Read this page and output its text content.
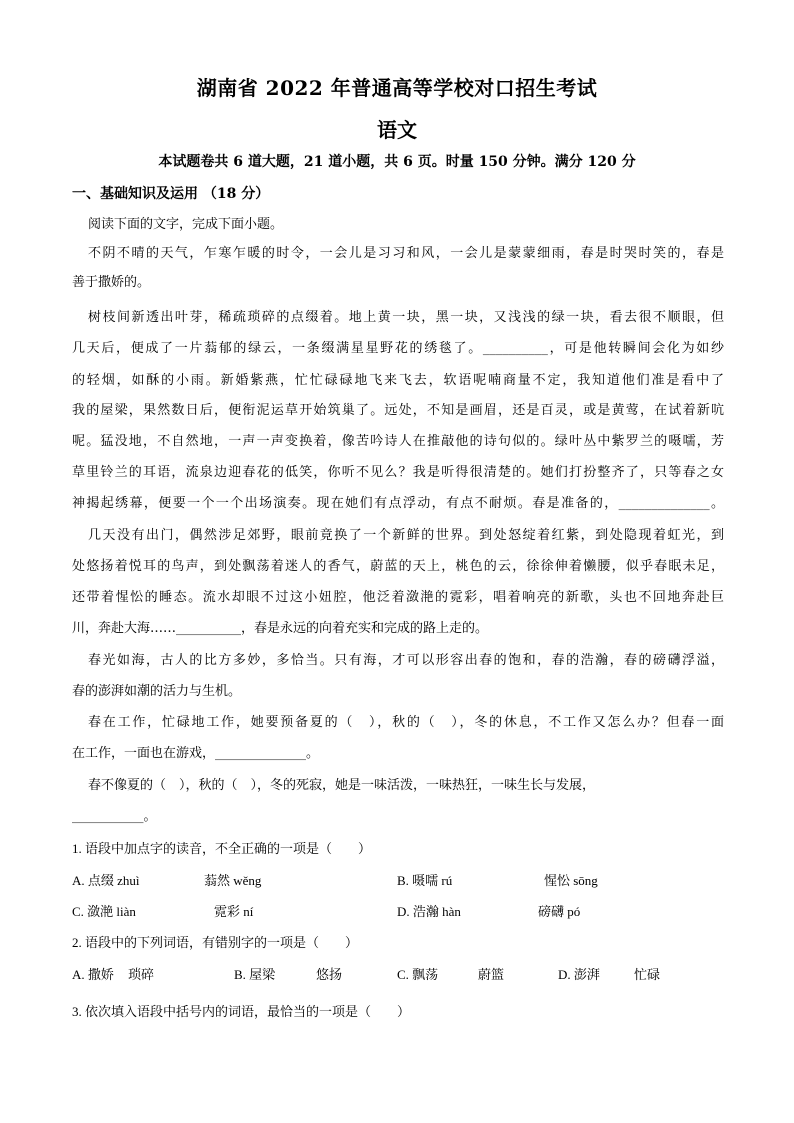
湖南省 2022 年普通高等学校对口招生考试
语文
本试题卷共 6 道大题，21 道小题，共 6 页。时量 150 分钟。满分 120 分
一、基础知识及运用 （18 分）
阅读下面的文字，完成下面小题。
不阴不晴的天气，乍寒乍暖的时令，一会儿是习习和风，一会儿是蒙蒙细雨，春是时哭时笑的，春是
善于撒娇的。
树枝间新透出叶芽，稀疏琐碎的点缀着。地上黄一块，黑一块，又浅浅的绿一块，看去很不顺眼，但
几天后，便成了一片蓊郁的绿云，一条缀满星星野花的绣毯了。__________，可是他转瞬间会化为如纱
的轻烟，如酥的小雨。新婚紫燕，忙忙碌碌地飞来飞去，软语呢喃商量不定，我知道他们准是看中了
我的屋梁，果然数日后，便衔泥运草开始筑巢了。远处，不知是画眉，还是百灵，或是黄莺，在试着新吭
呢。猛没地，不自然地，一声一声变换着，像苦吟诗人在推敲他的诗句似的。绿叶丛中紫罗兰的嗫嚅，芳
草里铃兰的耳语，流泉边迎春花的低笑，你听不见么？我是听得很清楚的。她们打扮整齐了，只等春之女
神揭起绣幕，便要一个一个出场演奏。现在她们有点浮动，有点不耐烦。春是准备的，______________。
几天没有出门，偶然涉足郊野，眼前竟换了一个新鲜的世界。到处怒绽着红紫，到处隐现着虹光，到
处悠扬着悦耳的鸟声，到处飘荡着迷人的香气，蔚蓝的天上，桃色的云，徐徐伸着懒腰，似乎春眠未足，
还带着惺忪的睡态。流水却眼不过这小妞腔，他泛着潋滟的霓彩，唱着响亮的新歌，头也不回地奔赴巨
川，奔赴大海……__________，春是永远的向着充实和完成的路上走的。
春光如海，古人的比方多妙，多恰当。只有海，才可以形容出春的饱和，春的浩瀚，春的磅礴浮溢，
春的澎湃如潮的活力与生机。
春在工作，忙碌地工作，她要预备夏的（　），秋的（　），冬的休息，不工作又怎么办？但春一面
在工作，一面也在游戏，______________。
春不像夏的（　），秋的（　），冬的死寂，她是一味活泼，一味热狂，一味生长与发展，
___________。
1. 语段中加点字的读音，不全正确的一项是（　　）
A. 点缀 zhuì	蓊然 wěng	B. 嗫嚅 rú	惺忪 sōng
C. 潋滟 liàn	霓彩 ní	D. 浩瀚 hàn	磅礴 pó
2. 语段中的下列词语，有错别字的一项是（　　）
A. 撒娇 琐碎	B. 屋梁	悠扬	C. 飘荡	蔚篮	D. 澎湃	忙碌
3. 依次填入语段中括号内的词语，最恰当的一项是（　　）
